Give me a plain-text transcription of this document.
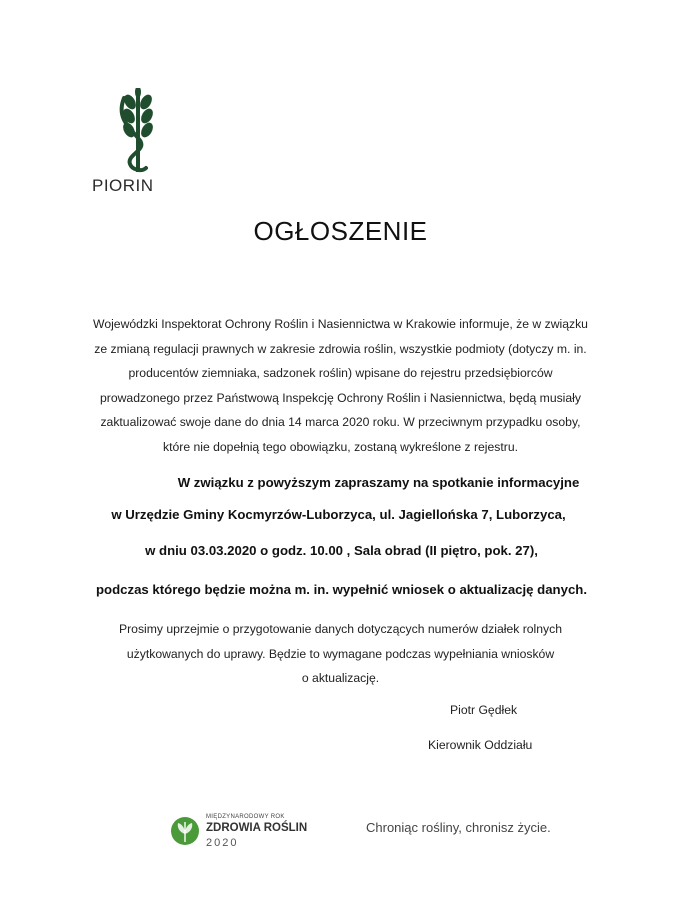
PIORIN
OGŁOSZENIE
Wojewódzki Inspektorat Ochrony Roślin i Nasiennictwa w Krakowie informuje, że w związku
ze zmianą regulacji prawnych w zakresie zdrowia roślin, wszystkie podmioty (dotyczy m. in.
producentów ziemniaka, sadzonek roślin) wpisane do rejestru przedsiębiorców
prowadzonego przez Państwową Inspekcję Ochrony Roślin i Nasiennictwa, będą musiały
zaktualizować swoje dane do dnia 14 marca 2020 roku. W przeciwnym przypadku osoby,
które nie dopełnią tego obowiązku, zostaną wykreślone z rejestru.
W związku z powyższym zapraszamy na spotkanie informacyjne
w Urzędzie Gminy Kocmyrzów-Luborzyca, ul. Jagiellońska 7, Luborzyca,
w dniu 03.03.2020 o godz. 10.00 , Sala obrad (II piętro, pok. 27),
podczas którego będzie można m. in. wypełnić wniosek o aktualizację danych.
Prosimy uprzejmie o przygotowanie danych dotyczących numerów działek rolnych
użytkowanych do uprawy. Będzie to wymagane podczas wypełniania wniosków
o aktualizację.
Piotr Gędłek
Kierownik Oddziału
MIĘDZYNARODOWY ROK
ZDROWIA ROŚLIN
2020
Chroniąc rośliny, chronisz życie.
